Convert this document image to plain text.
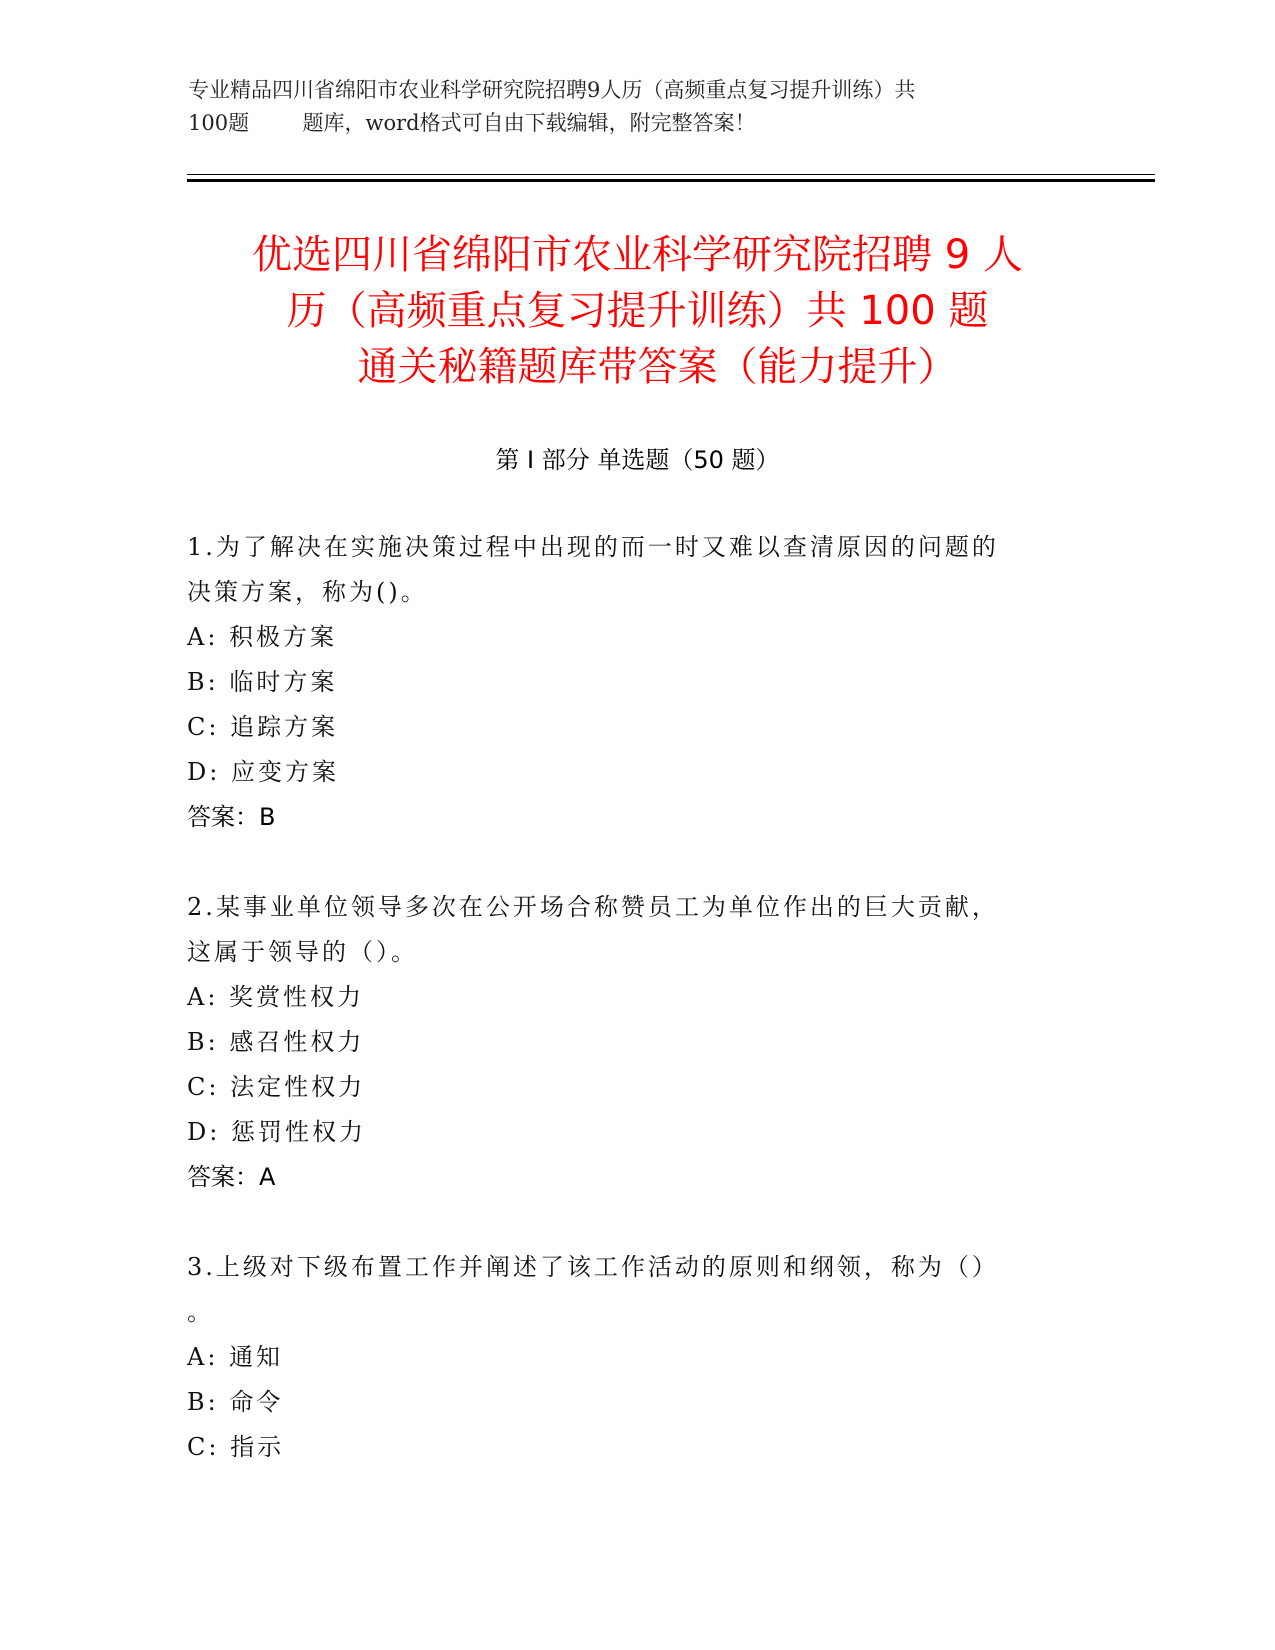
专业精品四川省绵阳市农业科学研究院招聘9人历（高频重点复习提升训练）共
100题        题库，word格式可自由下载编辑，附完整答案！
优选四川省绵阳市农业科学研究院招聘 9 人
历（高频重点复习提升训练）共 100 题
通关秘籍题库带答案（能力提升）
第 I 部分 单选题（50 题）
1.为了解决在实施决策过程中出现的而一时又难以查清原因的问题的
决策方案，称为()。
A: 积极方案
B: 临时方案
C: 追踪方案
D: 应变方案
答案：B
2.某事业单位领导多次在公开场合称赞员工为单位作出的巨大贡献，
这属于领导的（）。
A: 奖赏性权力
B: 感召性权力
C: 法定性权力
D: 惩罚性权力
答案：A
3.上级对下级布置工作并阐述了该工作活动的原则和纲领，称为（）
。
A: 通知
B: 命令
C: 指示
